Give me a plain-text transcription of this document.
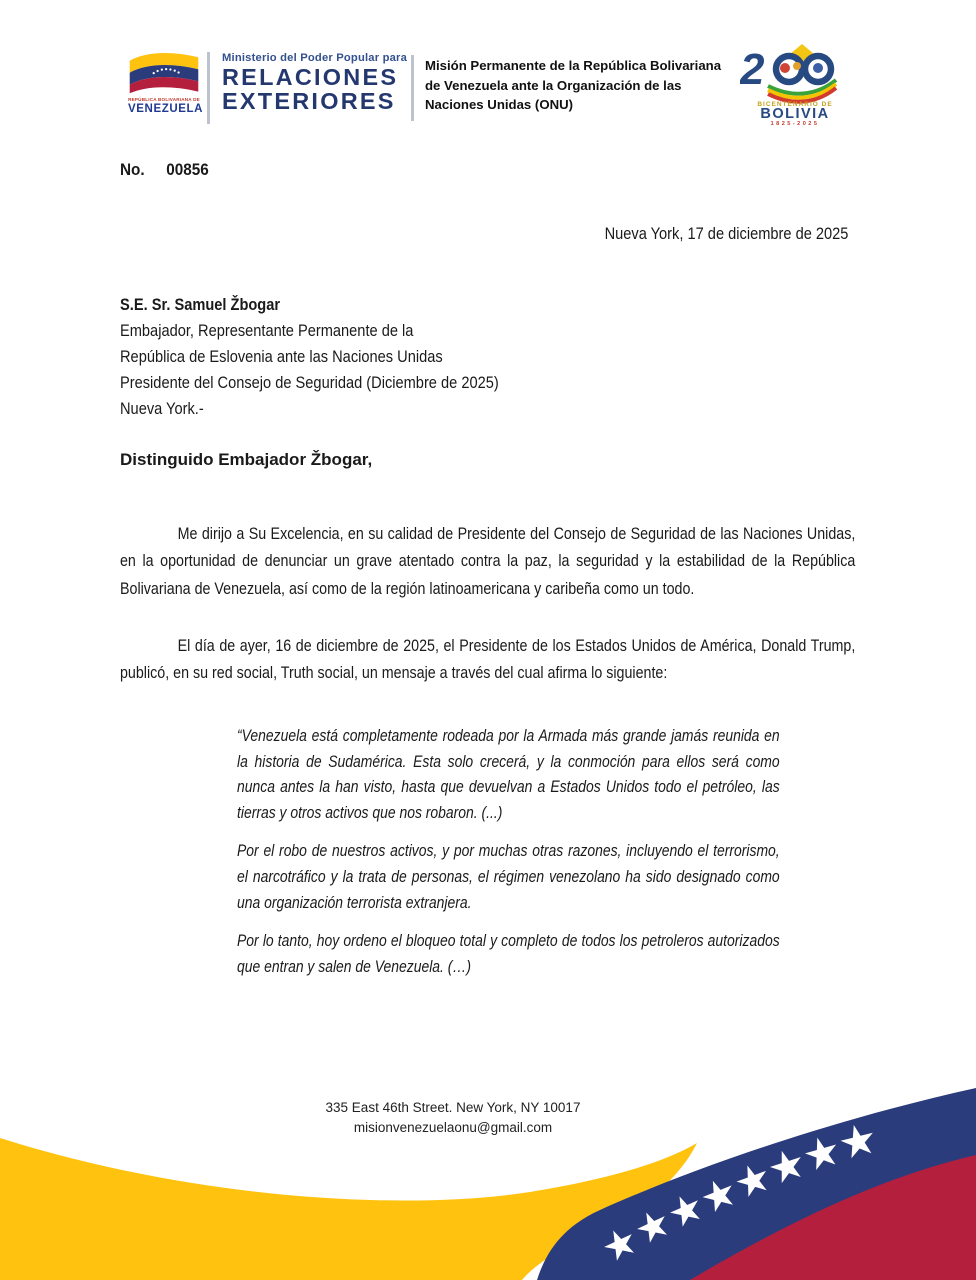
REPÚBLICA BOLIVARIANA DE
VENEZUELA
Ministerio del Poder Popular para
RELACIONES
EXTERIORES
Misión Permanente de la República Bolivariana
de Venezuela ante la Organización de las
Naciones Unidas (ONU)
2
BICENTENARIO DE
BOLIVIA
1825-2025
No. 00856
Nueva York, 17 de diciembre de 2025
S.E. Sr. Samuel Žbogar
Embajador, Representante Permanente de la
República de Eslovenia ante las Naciones Unidas
Presidente del Consejo de Seguridad (Diciembre de 2025)
Nueva York.-
Distinguido Embajador Žbogar,
Me dirijo a Su Excelencia, en su calidad de Presidente del Consejo de Seguridad de las Naciones Unidas, en la oportunidad de denunciar un grave atentado contra la paz, la seguridad y la estabilidad de la República Bolivariana de Venezuela, así como de la región latinoamericana y caribeña como un todo.
El día de ayer, 16 de diciembre de 2025, el Presidente de los Estados Unidos de América, Donald Trump, publicó, en su red social, Truth social, un mensaje a través del cual afirma lo siguiente:

“Venezuela está completamente rodeada por la Armada más grande jamás reunida en la historia de Sudamérica. Esta solo crecerá, y la conmoción para ellos será como nunca antes la han visto, hasta que devuelvan a Estados Unidos todo el petróleo, las tierras y otros activos que nos robaron. (...)

Por el robo de nuestros activos, y por muchas otras razones, incluyendo el terrorismo, el narcotráfico y la trata de personas, el régimen venezolano ha sido designado como una organización terrorista extranjera.

Por lo tanto, hoy ordeno el bloqueo total y completo de todos los petroleros autorizados que entran y salen de Venezuela. (…)

335 East 46th Street. New York, NY 10017
misionvenezuelaonu@gmail.com
